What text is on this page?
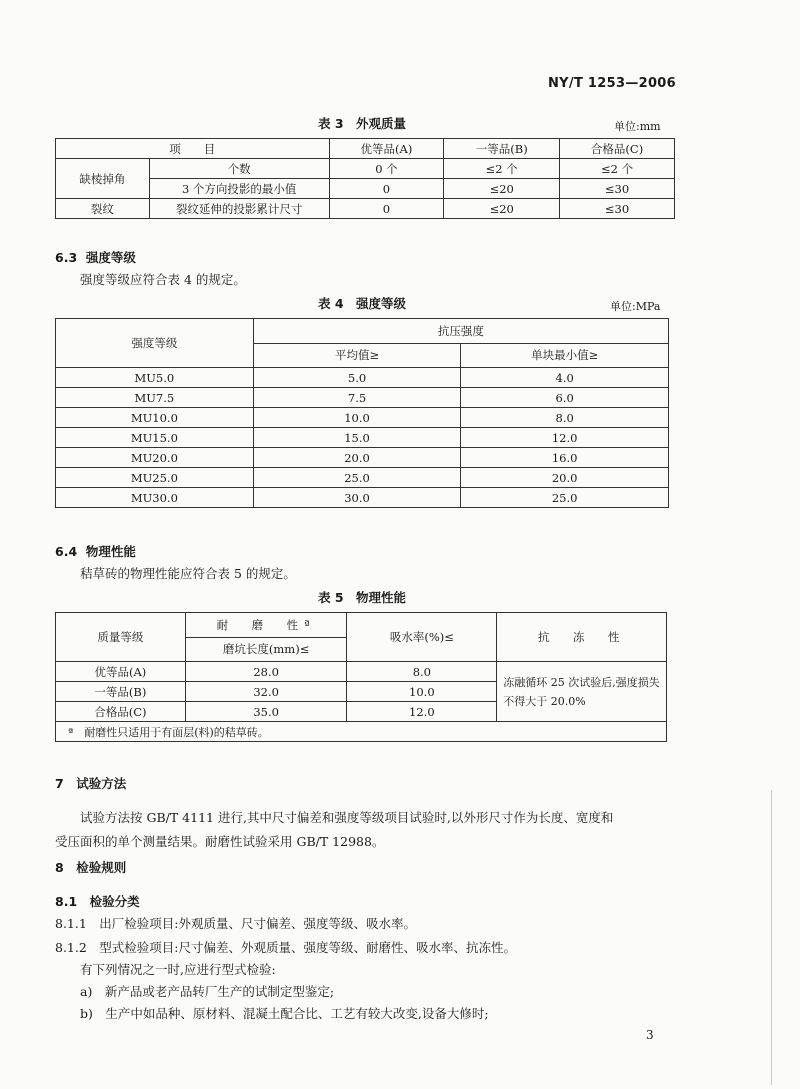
NY/T 1253—2006
表 3　外观质量	单位:mm
项　　目		优等品(A)	一等品(B)	合格品(C)
缺棱掉角	个数	0 个	≤2 个	≤2 个
	3 个方向投影的最小值	0	≤20	≤30
裂纹	裂纹延伸的投影累计尺寸	0	≤20	≤30
6.3 强度等级
强度等级应符合表 4 的规定。
表 4　强度等级	单位:MPa
强度等级	抗压强度	
	平均值≥	单块最小值≥
MU5.0	5.0	4.0
MU7.5	7.5	6.0
MU10.0	10.0	8.0
MU15.0	15.0	12.0
MU20.0	20.0	16.0
MU25.0	25.0	20.0
MU30.0	30.0	25.0
6.4 物理性能
秸草砖的物理性能应符合表 5 的规定。
表 5　物理性能
质量等级	耐　磨　性ª	吸水率(%)≤	抗　冻　性
	磨坑长度(mm)≤		
优等品(A)	28.0	8.0	冻融循环 25 次试验后,强度损失不得大于 20.0%
一等品(B)	32.0	10.0	
合格品(C)	35.0	12.0	
ª　耐磨性只适用于有面层(料)的秸草砖。			
7　试验方法
试验方法按 GB/T 4111 进行,其中尺寸偏差和强度等级项目试验时,以外形尺寸作为长度、宽度和
受压面积的单个测量结果。耐磨性试验采用 GB/T 12988。
8　检验规则
8.1　检验分类
8.1.1　出厂检验项目:外观质量、尺寸偏差、强度等级、吸水率。
8.1.2　型式检验项目:尺寸偏差、外观质量、强度等级、耐磨性、吸水率、抗冻性。
有下列情况之一时,应进行型式检验:
a)　新产品或老产品转厂生产的试制定型鉴定;
b)　生产中如品种、原材料、混凝土配合比、工艺有较大改变,设备大修时;
3
